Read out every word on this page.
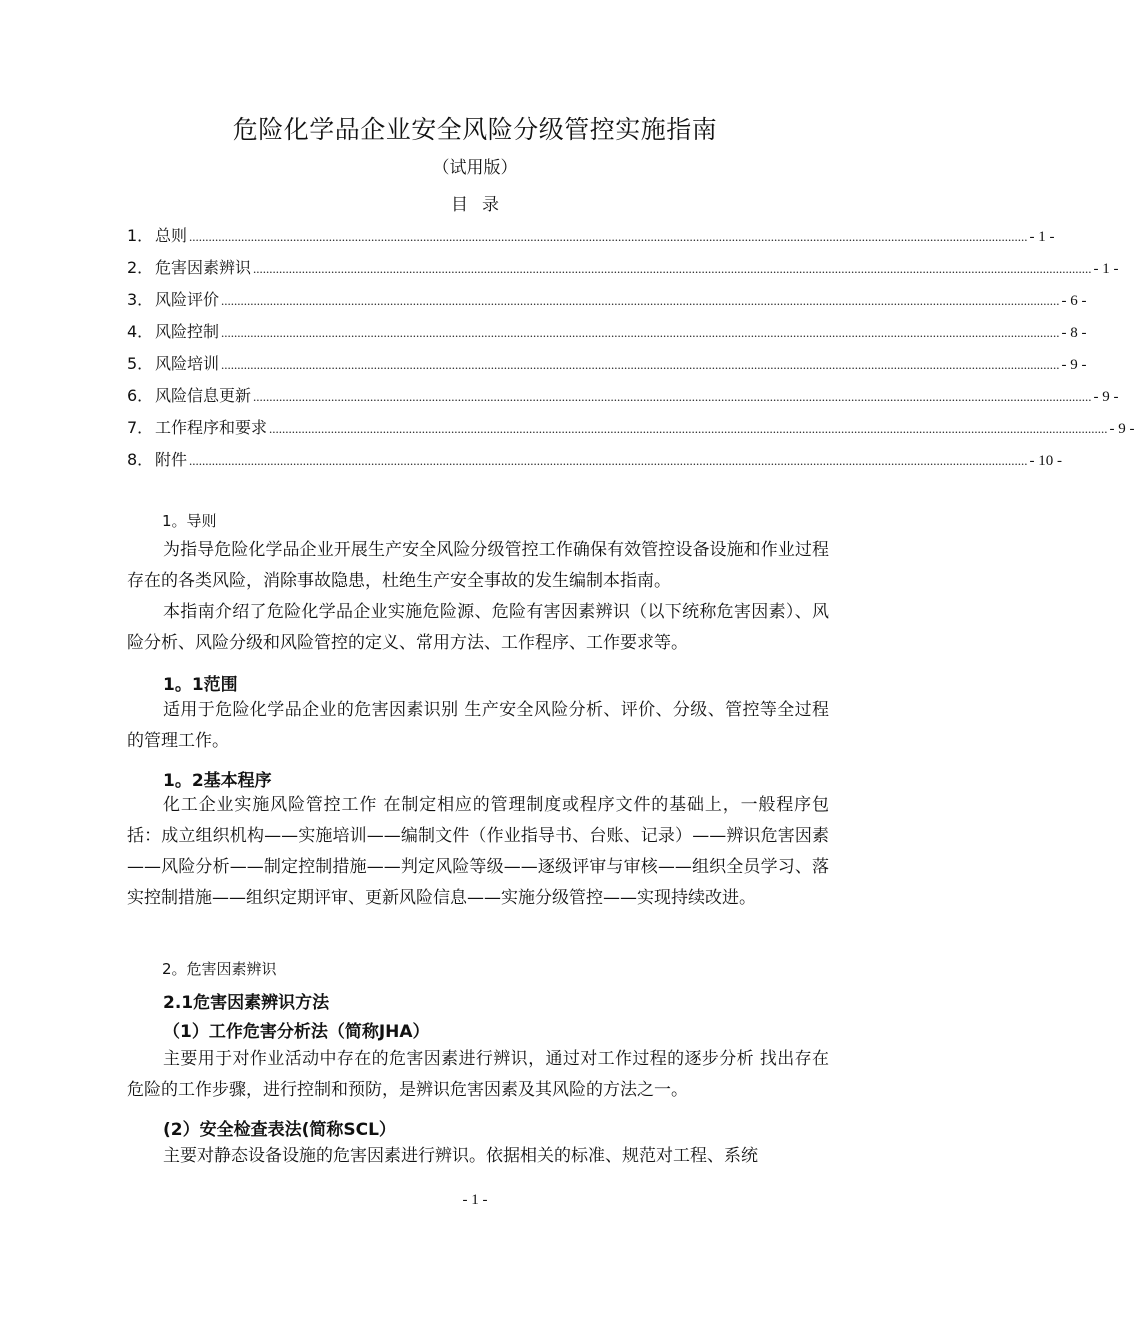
危险化学品企业安全风险分级管控实施指南
（试用版）
目录
1． 总则 .................................................................................................................................................................................................................................................................. - 1 -
2． 危害因素辨识 .................................................................................................................................................................................................................................................................. - 1 -
3． 风险评价 .................................................................................................................................................................................................................................................................. - 6 -
4． 风险控制 .................................................................................................................................................................................................................................................................. - 8 -
5． 风险培训 .................................................................................................................................................................................................................................................................. - 9 -
6． 风险信息更新 .................................................................................................................................................................................................................................................................. - 9 -
7． 工作程序和要求 .................................................................................................................................................................................................................................................................. - 9 -
8． 附件 .................................................................................................................................................................................................................................................................. - 10 -
1。导则
为指导危险化学品企业开展生产安全风险分级管控工作确保有效管控设备设施和作业过程存在的各类风险，消除事故隐患，杜绝生产安全事故的发生编制本指南。
本指南介绍了危险化学品企业实施危险源、危险有害因素辨识（以下统称危害因素）、风险分析、风险分级和风险管控的定义、常用方法、工作程序、工作要求等。
1。1范围
适用于危险化学品企业的危害因素识别 生产安全风险分析、评价、分级、管控等全过程的管理工作。
1。2基本程序
化工企业实施风险管控工作 在制定相应的管理制度或程序文件的基础上，一般程序包括：成立组织机构——实施培训——编制文件（作业指导书、台账、记录）——辨识危害因素——风险分析——制定控制措施——判定风险等级——逐级评审与审核——组织全员学习、落实控制措施——组织定期评审、更新风险信息——实施分级管控——实现持续改进。
2。危害因素辨识
2.1危害因素辨识方法
（1）工作危害分析法（简称JHA）
主要用于对作业活动中存在的危害因素进行辨识，通过对工作过程的逐步分析 找出存在危险的工作步骤，进行控制和预防，是辨识危害因素及其风险的方法之一。
(2）安全检查表法(简称SCL）
主要对静态设备设施的危害因素进行辨识。依据相关的标准、规范对工程、系统
- 1 -
